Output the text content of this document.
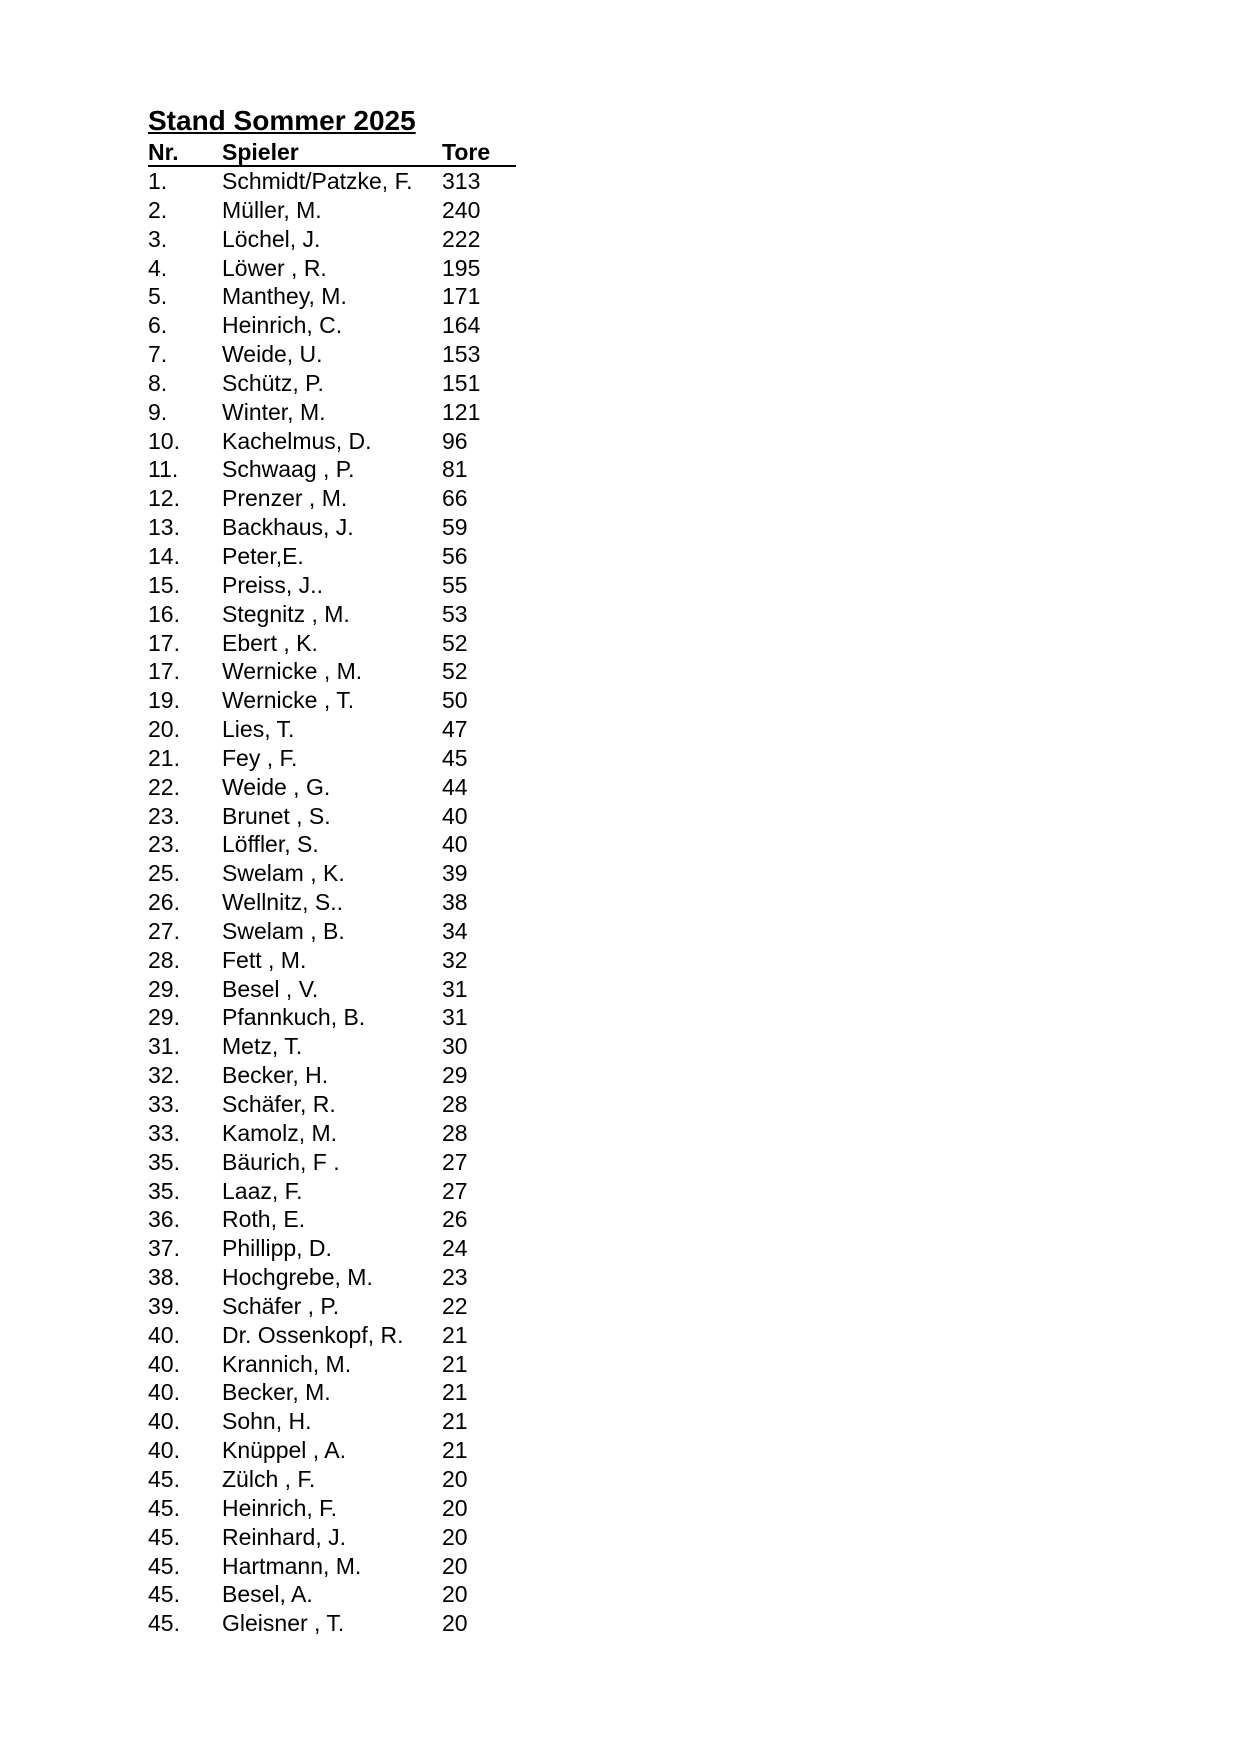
Stand Sommer 2025
Nr. Spieler	Tore
1. Schmidt/Patzke, F. 313
2. Müller, M.	240
3. Löchel, J.	222
4. Löwer , R.	195
5. Manthey, M.	171
6. Heinrich, C.	164
7. Weide, U.	153
8. Schütz, P.	151
9. Winter, M.	121
10. Kachelmus, D.	96
11. Schwaag , P.	81
12. Prenzer , M.	66
13. Backhaus, J.	59
14. Peter,E.	56
15. Preiss, J..	55
16. Stegnitz , M.	53
17. Ebert , K.	52
17. Wernicke , M.	52
19. Wernicke , T.	50
20. Lies, T.	47
21. Fey , F.	45
22. Weide , G.	44
23. Brunet , S.	40
23. Löffler, S.	40
25. Swelam , K.	39
26. Wellnitz, S..	38
27. Swelam , B.	34
28. Fett , M.	32
29. Besel , V.	31
29. Pfannkuch, B.	31
31. Metz, T.	30
32. Becker, H.	29
33. Schäfer, R.	28
33. Kamolz, M.	28
35. Bäurich, F .	27
35. Laaz, F.	27
36. Roth, E.	26
37. Phillipp, D.	24
38. Hochgrebe, M.	23
39. Schäfer , P.	22
40. Dr. Ossenkopf, R. 21
40. Krannich, M.	21
40. Becker, M.	21
40. Sohn, H.	21
40. Knüppel , A.	21
45. Zülch , F.	20
45. Heinrich, F.	20
45. Reinhard, J.	20
45. Hartmann, M.	20
45. Besel, A.	20
45. Gleisner , T.	20
